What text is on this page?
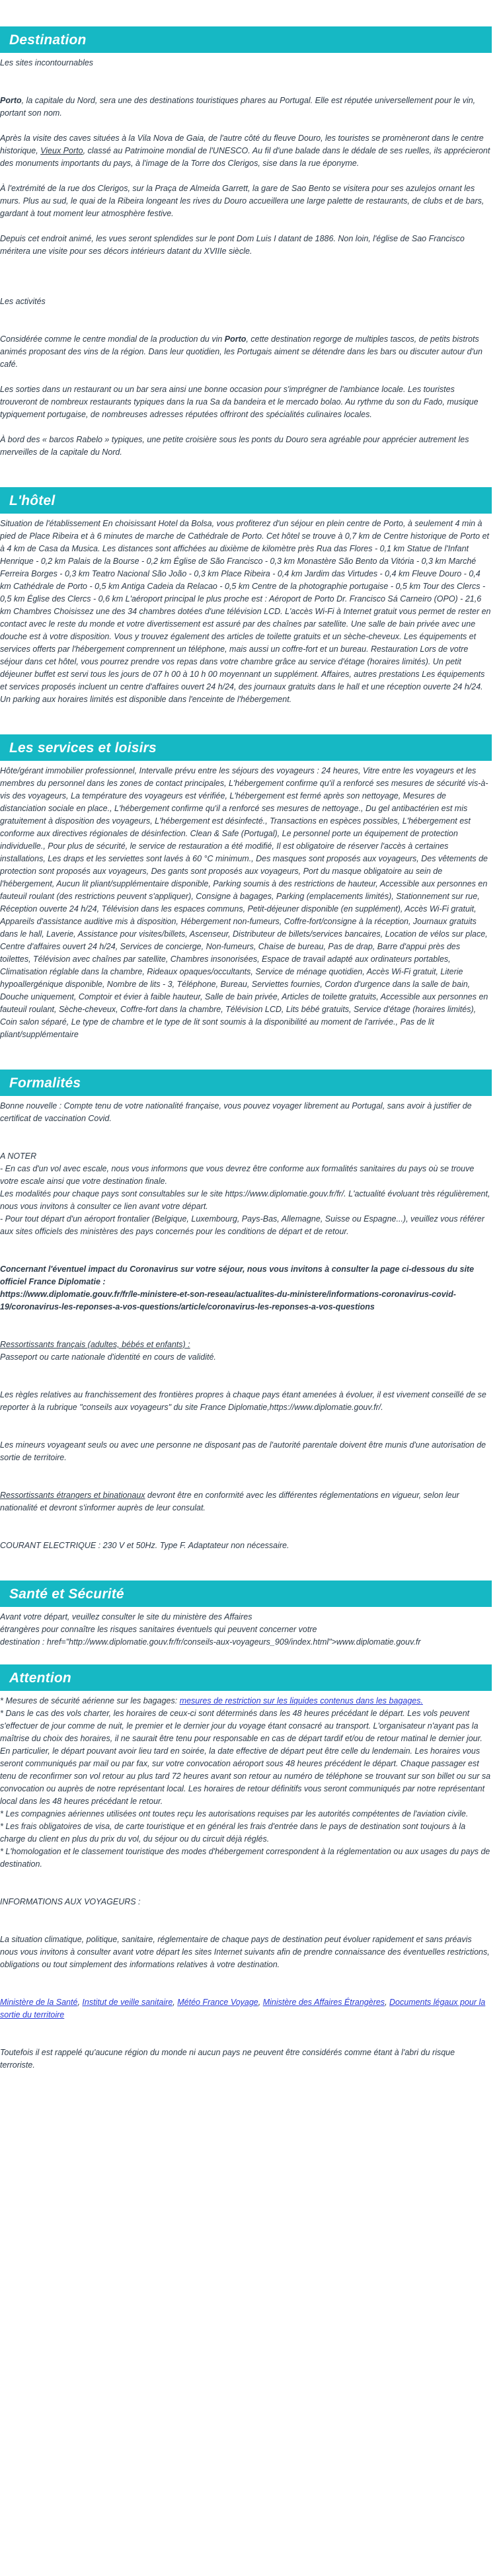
Destination

Les sites incontournables

Porto, la capitale du Nord, sera une des destinations touristiques phares au Portugal. Elle est réputée universellement pour le vin, portant son nom.

Après la visite des caves situées à la Vila Nova de Gaia, de l'autre côté du fleuve Douro, les touristes se promèneront dans le centre historique, Vieux Porto, classé au Patrimoine mondial de l'UNESCO. Au fil d'une balade dans le dédale de ses ruelles, ils apprécieront des monuments importants du pays, à l'image de la Torre dos Clerigos, sise dans la rue éponyme.

À l'extrémité de la rue dos Clerigos, sur la Praça de Almeida Garrett, la gare de Sao Bento se visitera pour ses azulejos ornant les murs. Plus au sud, le quai de la Ribeira longeant les rives du Douro accueillera une large palette de restaurants, de clubs et de bars, gardant à tout moment leur atmosphère festive.

Depuis cet endroit animé, les vues seront splendides sur le pont Dom Luis I datant de 1886. Non loin, l'église de Sao Francisco méritera une visite pour ses décors intérieurs datant du XVIIIe siècle.

Les activités

Considérée comme le centre mondial de la production du vin Porto, cette destination regorge de multiples tascos, de petits bistrots animés proposant des vins de la région. Dans leur quotidien, les Portugais aiment se détendre dans les bars ou discuter autour d'un café.

Les sorties dans un restaurant ou un bar sera ainsi une bonne occasion pour s'imprégner de l'ambiance locale. Les touristes trouveront de nombreux restaurants typiques dans la rua Sa da bandeira et le mercado bolao. Au rythme du son du Fado, musique typiquement portugaise, de nombreuses adresses réputées offriront des spécialités culinaires locales.

À bord des « barcos Rabelo » typiques, une petite croisière sous les ponts du Douro sera agréable pour apprécier autrement les merveilles de la capitale du Nord.

L'hôtel

Situation de l'établissement En choisissant Hotel da Bolsa, vous profiterez d'un séjour en plein centre de Porto, à seulement 4 min à pied de Place Ribeira et à 6 minutes de marche de Cathédrale de Porto. Cet hôtel se trouve à 0,7 km de Centre historique de Porto et à 4 km de Casa da Musica. Les distances sont affichées au dixième de kilomètre près Rua das Flores - 0,1 km Statue de l'Infant Henrique - 0,2 km Palais de la Bourse - 0,2 km Église de São Francisco - 0,3 km Monastère São Bento da Vitória - 0,3 km Marché Ferreira Borges - 0,3 km Teatro Nacional São João - 0,3 km Place Ribeira - 0,4 km Jardim das Virtudes - 0,4 km Fleuve Douro - 0,4 km Cathédrale de Porto - 0,5 km Antiga Cadeia da Relacao - 0,5 km Centre de la photographie portugaise - 0,5 km Tour des Clercs - 0,5 km Église des Clercs - 0,6 km L'aéroport principal le plus proche est : Aéroport de Porto Dr. Francisco Sá Carneiro (OPO) - 21,6 km Chambres Choisissez une des 34 chambres dotées d'une télévision LCD. L'accès Wi-Fi à Internet gratuit vous permet de rester en contact avec le reste du monde et votre divertissement est assuré par des chaînes par satellite. Une salle de bain privée avec une douche est à votre disposition. Vous y trouvez également des articles de toilette gratuits et un sèche-cheveux. Les équipements et services offerts par l'hébergement comprennent un téléphone, mais aussi un coffre-fort et un bureau. Restauration Lors de votre séjour dans cet hôtel, vous pourrez prendre vos repas dans votre chambre grâce au service d'étage (horaires limités). Un petit déjeuner buffet est servi tous les jours de 07 h 00 à 10 h 00 moyennant un supplément. Affaires, autres prestations Les équipements et services proposés incluent un centre d'affaires ouvert 24 h/24, des journaux gratuits dans le hall et une réception ouverte 24 h/24. Un parking aux horaires limités est disponible dans l'enceinte de l'hébergement.

Les services et loisirs

Hôte/gérant immobilier professionnel, Intervalle prévu entre les séjours des voyageurs : 24 heures, Vitre entre les voyageurs et les membres du personnel dans les zones de contact principales, L'hébergement confirme qu'il a renforcé ses mesures de sécurité vis-à-vis des voyageurs, La température des voyageurs est vérifiée, L'hébergement est fermé après son nettoyage, Mesures de distanciation sociale en place., L'hébergement confirme qu'il a renforcé ses mesures de nettoyage., Du gel antibactérien est mis gratuitement à disposition des voyageurs, L'hébergement est désinfecté., Transactions en espèces possibles, L'hébergement est conforme aux directives régionales de désinfection. Clean & Safe (Portugal), Le personnel porte un équipement de protection individuelle., Pour plus de sécurité, le service de restauration a été modifié, Il est obligatoire de réserver l'accès à certaines installations, Les draps et les serviettes sont lavés à 60 °C minimum., Des masques sont proposés aux voyageurs, Des vêtements de protection sont proposés aux voyageurs, Des gants sont proposés aux voyageurs, Port du masque obligatoire au sein de l'hébergement, Aucun lit pliant/supplémentaire disponible, Parking soumis à des restrictions de hauteur, Accessible aux personnes en fauteuil roulant (des restrictions peuvent s'appliquer), Consigne à bagages, Parking (emplacements limités), Stationnement sur rue, Réception ouverte 24 h/24, Télévision dans les espaces communs, Petit-déjeuner disponible (en supplément), Accès Wi-Fi gratuit, Appareils d'assistance auditive mis à disposition, Hébergement non-fumeurs, Coffre-fort/consigne à la réception, Journaux gratuits dans le hall, Laverie, Assistance pour visites/billets, Ascenseur, Distributeur de billets/services bancaires, Location de vélos sur place, Centre d'affaires ouvert 24 h/24, Services de concierge, Non-fumeurs, Chaise de bureau, Pas de drap, Barre d'appui près des toilettes, Télévision avec chaînes par satellite, Chambres insonorisées, Espace de travail adapté aux ordinateurs portables, Climatisation réglable dans la chambre, Rideaux opaques/occultants, Service de ménage quotidien, Accès Wi-Fi gratuit, Literie hypoallergénique disponible, Nombre de lits - 3, Téléphone, Bureau, Serviettes fournies, Cordon d'urgence dans la salle de bain, Douche uniquement, Comptoir et évier à faible hauteur, Salle de bain privée, Articles de toilette gratuits, Accessible aux personnes en fauteuil roulant, Sèche-cheveux, Coffre-fort dans la chambre, Télévision LCD, Lits bébé gratuits, Service d'étage (horaires limités), Coin salon séparé, Le type de chambre et le type de lit sont soumis à la disponibilité au moment de l'arrivée., Pas de lit pliant/supplémentaire

Formalités

Bonne nouvelle : Compte tenu de votre nationalité française, vous pouvez voyager librement au Portugal, sans avoir à justifier de certificat de vaccination Covid.

A NOTER
- En cas d'un vol avec escale, nous vous informons que vous devrez être conforme aux formalités sanitaires du pays où se trouve votre escale ainsi que votre destination finale.
Les modalités pour chaque pays sont consultables sur le site https://www.diplomatie.gouv.fr/fr/. L'actualité évoluant très régulièrement, nous vous invitons à consulter ce lien avant votre départ.

- Pour tout départ d'un aéroport frontalier (Belgique, Luxembourg, Pays-Bas, Allemagne, Suisse ou Espagne...), veuillez vous référer aux sites officiels des ministères des pays concernés pour les conditions de départ et de retour.

Concernant l'éventuel impact du Coronavirus sur votre séjour, nous vous invitons à consulter la page ci-dessous du site officiel France Diplomatie :

https://www.diplomatie.gouv.fr/fr/le-ministere-et-son-reseau/actualites-du-ministere/informations-coronavirus-covid-19/coronavirus-les-reponses-a-vos-questions/article/coronavirus-les-reponses-a-vos-questions

Ressortissants français (adultes, bébés et enfants) :

Passeport ou carte nationale d'identité en cours de validité.

Les règles relatives au franchissement des frontières propres à chaque pays étant amenées à évoluer, il est vivement conseillé de se reporter à la rubrique "conseils aux voyageurs" du site France Diplomatie,https://www.diplomatie.gouv.fr/.

Les mineurs voyageant seuls ou avec une personne ne disposant pas de l'autorité parentale doivent être munis d'une autorisation de sortie de territoire.

Ressortissants étrangers et binationaux devront être en conformité avec les différentes réglementations en vigueur, selon leur nationalité et devront s'informer auprès de leur consulat.

COURANT ELECTRIQUE : 230 V et 50Hz. Type F. Adaptateur non nécessaire.

Santé et Sécurité
Avant votre départ, veuillez consulter le site du ministère des Affaires
étrangères pour connaître les risques sanitaires éventuels qui peuvent concerner votre
destination : href="http://www.diplomatie.gouv.fr/fr/conseils-aux-voyageurs_909/index.html">www.diplomatie.gouv.fr
Attention
* Mesures de sécurité aérienne sur les bagages: mesures de restriction sur les liquides contenus dans les bagages.
* Dans le cas des vols charter, les horaires de ceux-ci sont déterminés dans les 48 heures précédant le départ. Les vols peuvent s'effectuer de jour comme de nuit, le premier et le dernier jour du voyage étant consacré au transport. L'organisateur n'ayant pas la maîtrise du choix des horaires, il ne saurait être tenu pour responsable en cas de départ tardif et/ou de retour matinal le dernier jour. En particulier, le départ pouvant avoir lieu tard en soirée, la date effective de départ peut être celle du lendemain. Les horaires vous seront communiqués par mail ou par fax, sur votre convocation aéroport sous 48 heures précédent le départ. Chaque passager est tenu de reconfirmer son vol retour au plus tard 72 heures avant son retour au numéro de téléphone se trouvant sur son billet ou sur sa convocation ou auprès de notre représentant local. Les horaires de retour définitifs vous seront communiqués par notre représentant local dans les 48 heures précédant le retour.
* Les compagnies aériennes utilisées ont toutes reçu les autorisations requises par les autorités compétentes de l'aviation civile.
* Les frais obligatoires de visa, de carte touristique et en général les frais d'entrée dans le pays de destination sont toujours à la charge du client en plus du prix du vol, du séjour ou du circuit déjà réglés.

* L'homologation et le classement touristique des modes d'hébergement correspondent à la réglementation ou aux usages du pays de destination.

INFORMATIONS AUX VOYAGEURS :

La situation climatique, politique, sanitaire, réglementaire de chaque pays de destination peut évoluer rapidement et sans préavis nous vous invitons à consulter avant votre départ les sites Internet suivants afin de prendre connaissance des éventuelles restrictions, obligations ou tout simplement des informations relatives à votre destination.

Ministère de la Santé, Institut de veille sanitaire, Météo France Voyage, Ministère des Affaires Étrangères, Documents légaux pour la sortie du territoire

Toutefois il est rappelé qu'aucune région du monde ni aucun pays ne peuvent être considérés comme étant à l'abri du risque terroriste.
